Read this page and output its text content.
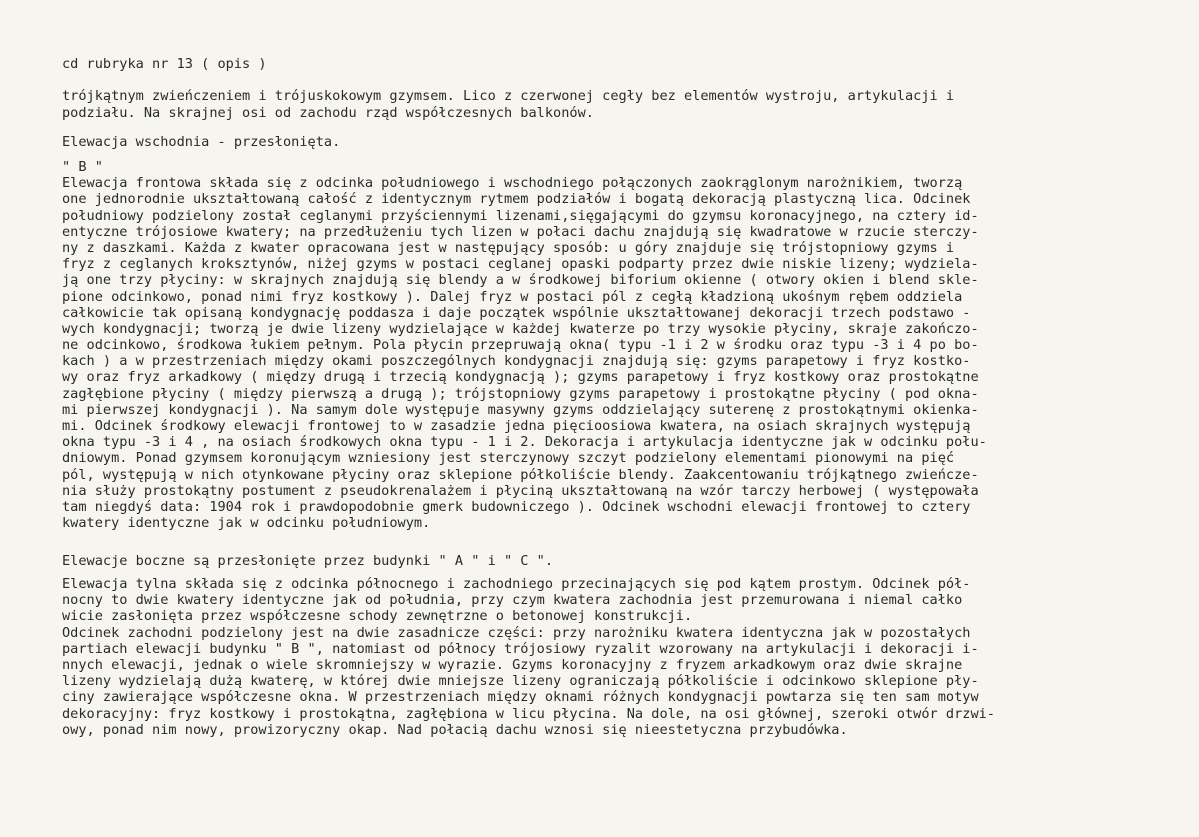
cd rubryka nr 13 ( opis )
trójkątnym zwieńczeniem i trójuskokowym gzymsem. Lico z czerwonej cegły bez elementów wystroju, artykulacji i
podziału. Na skrajnej osi od zachodu rząd współczesnych balkonów.
Elewacja wschodnia - przesłonięta.
" B "
Elewacja frontowa składa się z odcinka południowego i wschodniego połączonych zaokrąglonym narożnikiem, tworzą
one jednorodnie ukształtowaną całość z identycznym rytmem podziałów i bogatą dekoracją plastyczną lica. Odcinek
południowy podzielony został ceglanymi przyściennymi lizenami,sięgającymi do gzymsu koronacyjnego, na cztery id-
entyczne trójosiowe kwatery; na przedłużeniu tych lizen w połaci dachu znajdują się kwadratowe w rzucie sterczy-
ny z daszkami. Każda z kwater opracowana jest w następujący sposób: u góry znajduje się trójstopniowy gzyms i
fryz z ceglanych kroksztynów, niżej gzyms w postaci ceglanej opaski podparty przez dwie niskie lizeny; wydziela-
ją one trzy płyciny: w skrajnych znajdują się blendy a w środkowej biforium okienne ( otwory okien i blend skle-
pione odcinkowo, ponad nimi fryz kostkowy ). Dalej fryz w postaci pól z cegłą kładzioną ukośnym rębem oddziela
całkowicie tak opisaną kondygnację poddasza i daje początek wspólnie ukształtowanej dekoracji trzech podstawo -
wych kondygnacji; tworzą je dwie lizeny wydzielające w każdej kwaterze po trzy wysokie płyciny, skraje zakończo-
ne odcinkowo, środkowa łukiem pełnym. Pola płycin przepruwają okna( typu -1 i 2 w środku oraz typu -3 i 4 po bo-
kach ) a w przestrzeniach między okami poszczególnych kondygnacji znajdują się: gzyms parapetowy i fryz kostko-
wy oraz fryz arkadkowy ( między drugą i trzecią kondygnacją ); gzyms parapetowy i fryz kostkowy oraz prostokątne
zagłębione płyciny ( między pierwszą a drugą ); trójstopniowy gzyms parapetowy i prostokątne płyciny ( pod okna-
mi pierwszej kondygnacji ). Na samym dole występuje masywny gzyms oddzielający suterenę z prostokątnymi okienka-
mi. Odcinek środkowy elewacji frontowej to w zasadzie jedna pięcioosiowa kwatera, na osiach skrajnych występują
okna typu -3 i 4 , na osiach środkowych okna typu - 1 i 2. Dekoracja i artykulacja identyczne jak w odcinku połu-
dniowym. Ponad gzymsem koronującym wzniesiony jest sterczynowy szczyt podzielony elementami pionowymi na pięć
pól, występują w nich otynkowane płyciny oraz sklepione półkoliście blendy. Zaakcentowaniu trójkątnego zwieńcze-
nia służy prostokątny postument z pseudokrenalażem i płyciną ukształtowaną na wzór tarczy herbowej ( występowała
tam niegdyś data: 1904 rok i prawdopodobnie gmerk budowniczego ). Odcinek wschodni elewacji frontowej to cztery
kwatery identyczne jak w odcinku południowym.
Elewacje boczne są przesłonięte przez budynki " A " i " C ".
Elewacja tylna składa się z odcinka północnego i zachodniego przecinających się pod kątem prostym. Odcinek pół-
nocny to dwie kwatery identyczne jak od południa, przy czym kwatera zachodnia jest przemurowana i niemal całko
wicie zasłonięta przez współczesne schody zewnętrzne o betonowej konstrukcji.
Odcinek zachodni podzielony jest na dwie zasadnicze części: przy narożniku kwatera identyczna jak w pozostałych
partiach elewacji budynku " B ", natomiast od północy trójosiowy ryzalit wzorowany na artykulacji i dekoracji i-
nnych elewacji, jednak o wiele skromniejszy w wyrazie. Gzyms koronacyjny z fryzem arkadkowym oraz dwie skrajne
lizeny wydzielają dużą kwaterę, w której dwie mniejsze lizeny ograniczają półkoliście i odcinkowo sklepione pły-
ciny zawierające współczesne okna. W przestrzeniach między oknami różnych kondygnacji powtarza się ten sam motyw
dekoracyjny: fryz kostkowy i prostokątna, zagłębiona w licu płycina. Na dole, na osi głównej, szeroki otwór drzwi-
owy, ponad nim nowy, prowizoryczny okap. Nad połacią dachu wznosi się nieestetyczna przybudówka.
